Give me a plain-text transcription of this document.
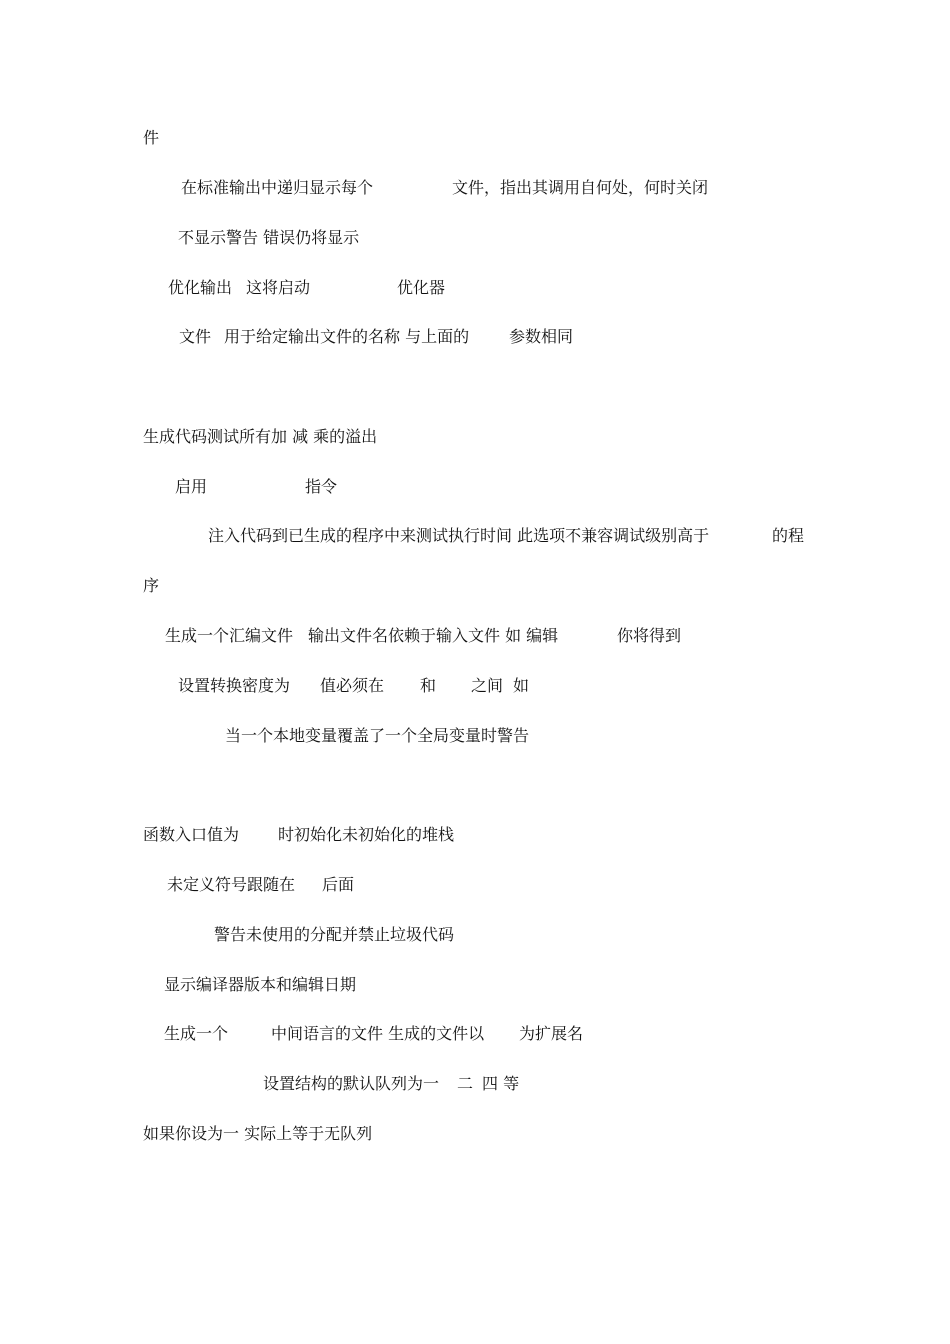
件
在标准输出中递归显示每个	文件，指出其调用自何处，何时关闭
不显示警告 错误仍将显示
优化输出 这将启动	优化器
文件 用于给定输出文件的名称 与上面的 参数相同
生成代码测试所有加 减 乘的溢出
启用	指令
注入代码到已生成的程序中来测试执行时间 此选项不兼容调试级别高于	的程
序
生成一个汇编文件 输出文件名依赖于输入文件 如 编辑	你将得到
设置转换密度为 值必须在 和 之间 如
当一个本地变量覆盖了一个全局变量时警告
函数入口值为 时初始化未初始化的堆栈
未定义符号跟随在 后面
警告未使用的分配并禁止垃圾代码
显示编译器版本和编辑日期
生成一个	中间语言的文件 生成的文件以 为扩展名
设置结构的默认队列为一 二 四 等
如果你设为一 实际上等于无队列
